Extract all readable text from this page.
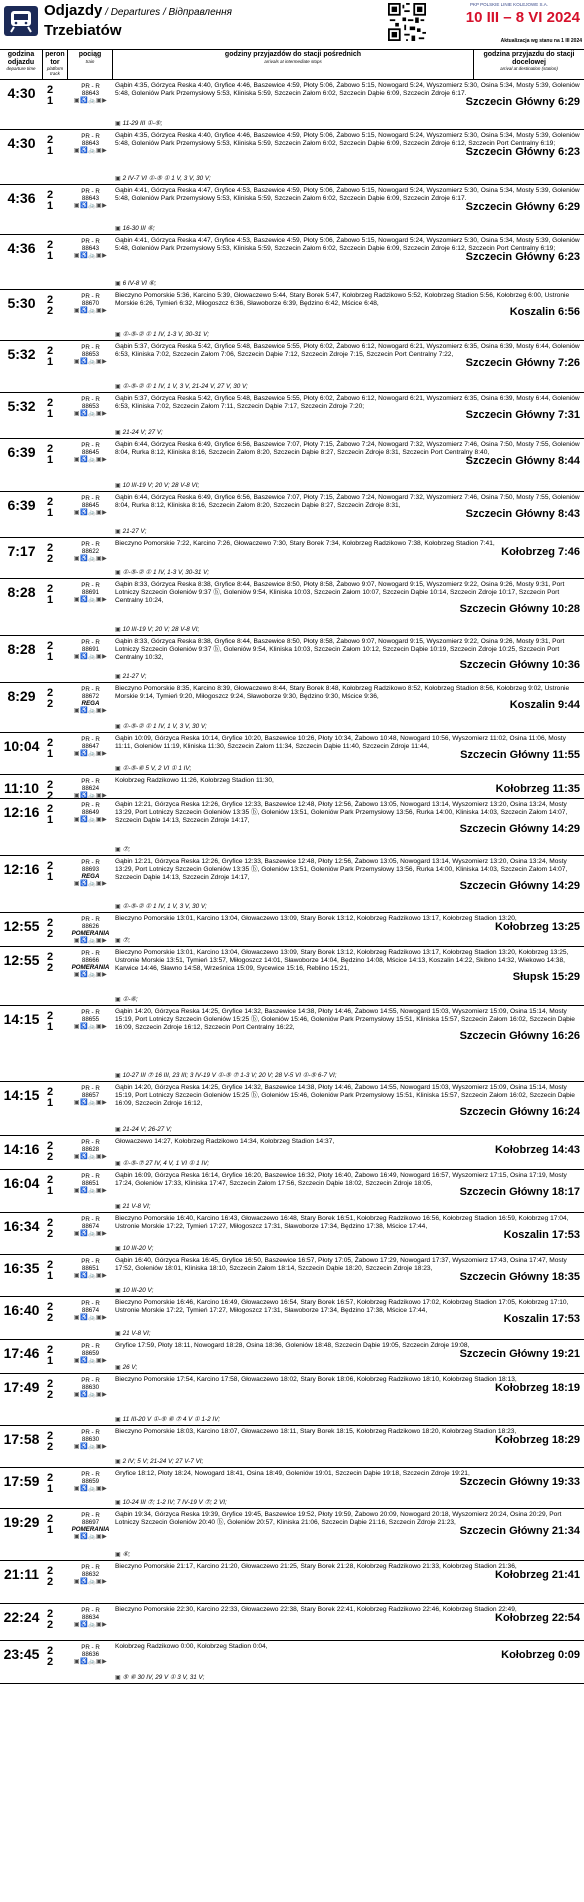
Odjazdy / Departures / Відправлення
Trzebiatów
PKP POLSKIE LINIE KOLEJOWE S.A.
10 III – 8 VI 2024
Aktualizacja wg stanu na 1 III 2024
godzina odjazdu
departure time
peron tor
platform track
pociąg
train
godziny przyjazdów do stacji pośrednich
arrivals at intermediate stops
godzina przyjazdu do stacji docelowej
arrival at destination (station)
4:30	2
1
PR - R
88643
▣♿🚲▣▶
Gąbin 4:35, Górzyca Reska 4:40, Gryfice 4:46, Baszewice 4:59, Płoty 5:06, Żabowo 5:15, Nowogard 5:24, Wyszomierz 5:30, Osina 5:34, Mosty 5:39, Goleniów 5:48, Goleniów Park Przemysłowy 5:53, Kliniska 5:59, Szczecin Załom 6:02, Szczecin Dąbie 6:09, Szczecin Zdroje 6:17.
Szczecin Główny 6:29
▣ 11-29 III ①-⑤;
4:30	2
1
PR - R
88643
▣♿🚲▣▶
Gąbin 4:35, Górzyca Reska 4:40, Gryfice 4:46, Baszewice 4:59, Płoty 5:06, Żabowo 5:15, Nowogard 5:24, Wyszomierz 5:30, Osina 5:34, Mosty 5:39, Goleniów 5:48, Goleniów Park Przemysłowy 5:53, Kliniska 5:59, Szczecin Załom 6:02, Szczecin Dąbie 6:09, Szczecin Zdroje 6:12, Szczecin Port Centralny 6:19;
Szczecin Główny 6:23
▣ 2 IV-7 VI ①-⑤ ① 1 V, 3 V, 30 V;
4:36	2
1
PR - R
88643
▣♿🚲▣▶
Gąbin 4:41, Górzyca Reska 4:47, Gryfice 4:53, Baszewice 4:59, Płoty 5:06, Żabowo 5:15, Nowogard 5:24, Wyszomierz 5:30, Osina 5:34, Mosty 5:39, Goleniów 5:48, Goleniów Park Przemysłowy 5:53, Kliniska 5:59, Szczecin Załom 6:02, Szczecin Dąbie 6:09, Szczecin Zdroje 6:17.
Szczecin Główny 6:29
▣ 16-30 III ⑥;
4:36	2
1
PR - R
88643
▣♿🚲▣▶
Gąbin 4:41, Górzyca Reska 4:47, Gryfice 4:53, Baszewice 4:59, Płoty 5:06, Żabowo 5:15, Nowogard 5:24, Wyszomierz 5:30, Osina 5:34, Mosty 5:39, Goleniów 5:48, Goleniów Park Przemysłowy 5:53, Kliniska 5:59, Szczecin Załom 6:02, Szczecin Dąbie 6:09, Szczecin Zdroje 6:12, Szczecin Port Centralny 6:19;
Szczecin Główny 6:23
▣ 6 IV-8 VI ⑥;
5:30	2
2
PR - R
88670
▣♿🚲▣▶
Bieczyno Pomorskie 5:36, Karcino 5:39, Głowaczewo 5:44, Stary Borek 5:47, Kołobrzeg Radzikowo 5:52, Kołobrzeg Stadion 5:56, Kołobrzeg 6:00, Ustronie Morskie 6:26, Tymień 6:32, Miłogoszcz 6:36, Sławoborze 6:39, Będzino 6:42, Mścice 6:48,
Koszalin 6:56
▣ ①-⑤-② ① 1 IV, 1-3 V, 30-31 V;
5:32	2
1
PR - R
88653
▣♿🚲▣▶
Gąbin 5:37, Górzyca Reska 5:42, Gryfice 5:48, Baszewice 5:55, Płoty 6:02, Żabowo 6:12, Nowogard 6:21, Wyszomierz 6:35, Osina 6:39, Mosty 6:44, Goleniów 6:53, Kliniska 7:02, Szczecin Załom 7:06, Szczecin Dąbie 7:12, Szczecin Zdroje 7:15, Szczecin Port Centralny 7:22,
Szczecin Główny 7:26
▣ ①-⑤-② ① 1 IV, 1 V, 3 V, 21-24 V, 27 V, 30 V;
5:32	2
1
PR - R
88653
▣♿🚲▣▶
Gąbin 5:37, Górzyca Reska 5:42, Gryfice 5:48, Baszewice 5:55, Płoty 6:02, Żabowo 6:12, Nowogard 6:21, Wyszomierz 6:35, Osina 6:39, Mosty 6:44, Goleniów 6:53, Kliniska 7:02, Szczecin Załom 7:11, Szczecin Dąbie 7:17, Szczecin Zdroje 7:20;
Szczecin Główny 7:31
▣ 21-24 V; 27 V;
6:39	2
1
PR - R
88645
▣♿🚲▣▶
Gąbin 6:44, Górzyca Reska 6:49, Gryfice 6:56, Baszewice 7:07, Płoty 7:15, Żabowo 7:24, Nowogard 7:32, Wyszomierz 7:46, Osina 7:50, Mosty 7:55, Goleniów 8:04, Rurka 8:12, Kliniska 8:16, Szczecin Załom 8:20, Szczecin Dąbie 8:27, Szczecin Zdroje 8:31, Szczecin Port Centralny 8:40,
Szczecin Główny 8:44
▣ 10 III-19 V; 20 V; 28 V-8 VI;
6:39	2
1
PR - R
88645
▣♿🚲▣▶
Gąbin 6:44, Górzyca Reska 6:49, Gryfice 6:56, Baszewice 7:07, Płoty 7:15, Żabowo 7:24, Nowogard 7:32, Wyszomierz 7:46, Osina 7:50, Mosty 7:55, Goleniów 8:04, Rurka 8:12, Kliniska 8:16, Szczecin Załom 8:20, Szczecin Dąbie 8:27, Szczecin Zdroje 8:31,
Szczecin Główny 8:43
▣ 21-27 V;
7:17	2
2
PR - R
88622
▣♿🚲▣▶
Bieczyno Pomorskie 7:22, Karcino 7:26, Głowaczewo 7:30, Stary Borek 7:34, Kołobrzeg Radzikowo 7:38, Kołobrzeg Stadion 7:41,
Kołobrzeg 7:46
▣ ①-⑤-② ① 1 IV, 1-3 V, 30-31 V;
8:28	2
1
PR - R
88691
▣♿🚲▣▶
Gąbin 8:33, Górzyca Reska 8:38, Gryfice 8:44, Baszewice 8:50, Płoty 8:58, Żabowo 9:07, Nowogard 9:15, Wyszomierz 9:22, Osina 9:26, Mosty 9:31, Port Lotniczy Szczecin Goleniów 9:37 ⓑ, Goleniów 9:54, Kliniska 10:03, Szczecin Załom 10:07, Szczecin Dąbie 10:14, Szczecin Zdroje 10:17, Szczecin Port Centralny 10:24,
Szczecin Główny 10:28
▣ 10 III-19 V; 20 V; 28 V-8 VI;
8:28	2
1
PR - R
88691
▣♿🚲▣▶
Gąbin 8:33, Górzyca Reska 8:38, Gryfice 8:44, Baszewice 8:50, Płoty 8:58, Żabowo 9:07, Nowogard 9:15, Wyszomierz 9:22, Osina 9:26, Mosty 9:31, Port Lotniczy Szczecin Goleniów 9:37 ⓑ, Goleniów 9:54, Kliniska 10:03, Szczecin Załom 10:12, Szczecin Dąbie 10:19, Szczecin Zdroje 10:25, Szczecin Port Centralny 10:32,
Szczecin Główny 10:36
▣ 21-27 V;
8:29	2
2
PR - R
88672
REGA
▣♿🚲▣▶
Bieczyno Pomorskie 8:35, Karcino 8:39, Głowaczewo 8:44, Stary Borek 8:48, Kołobrzeg Radzikowo 8:52, Kołobrzeg Stadion 8:56, Kołobrzeg 9:02, Ustronie Morskie 9:14, Tymień 9:20, Miłogoszcz 9:24, Sławoborze 9:30, Będzino 9:30, Mścice 9:36,
Koszalin 9:44
▣ ①-⑤-② ① 1 IV, 1 V, 3 V, 30 V;
10:04 2
1
PR - R
88647
▣♿🚲▣▶
Gąbin 10:09, Górzyca Reska 10:14, Gryfice 10:20, Baszewice 10:26, Płoty 10:34, Żabowo 10:48, Nowogard 10:56, Wyszomierz 11:02, Osina 11:06, Mosty 11:11, Goleniów 11:19, Kliniska 11:30, Szczecin Załom 11:34, Szczecin Dąbie 11:40, Szczecin Zdroje 11:44,
Szczecin Główny 11:55
▣ ①-⑤-⑥ 5 V, 2 VI ① 1 IV;
11:10 2
2
PR - R
88624
▣♿🚲▣▶
Kołobrzeg Radzikowo 11:26, Kołobrzeg Stadion 11:30,
Kołobrzeg 11:35
12:16 2
1
PR - R
88649
▣♿🚲▣▶
Gąbin 12:21, Górzyca Reska 12:26, Gryfice 12:33, Baszewice 12:48, Płoty 12:56, Żabowo 13:05, Nowogard 13:14, Wyszomierz 13:20, Osina 13:24, Mosty 13:29, Port Lotniczy Szczecin Goleniów 13:35 ⓑ, Goleniów 13:51, Goleniów Park Przemysłowy 13:56, Rurka 14:00, Kliniska 14:03, Szczecin Załom 14:07, Szczecin Dąbie 14:13, Szczecin Zdroje 14:17,
Szczecin Główny 14:29
▣ ⑦;
12:16 2
1
PR - R
88693
REGA
▣♿🚲▣▶
Gąbin 12:21, Górzyca Reska 12:26, Gryfice 12:33, Baszewice 12:48, Płoty 12:56, Żabowo 13:05, Nowogard 13:14, Wyszomierz 13:20, Osina 13:24, Mosty 13:29, Port Lotniczy Szczecin Goleniów 13:35 ⓑ, Goleniów 13:51, Goleniów Park Przemysłowy 13:56, Rurka 14:00, Kliniska 14:03, Szczecin Załom 14:07, Szczecin Dąbie 14:13, Szczecin Zdroje 14:17,
Szczecin Główny 14:29
▣ ①-⑤-② ① 1 IV, 1 V, 3 V, 30 V;
12:55 2
2
PR - R
88626
POMERANIA
▣♿🚲▣▶
Bieczyno Pomorskie 13:01, Karcino 13:04, Głowaczewo 13:09, Stary Borek 13:12, Kołobrzeg Radzikowo 13:17, Kołobrzeg Stadion 13:20,
Kołobrzeg 13:25
▣ ⑦;
12:55 2
2
PR - R
88666
POMERANIA
▣♿🚲▣▶
Bieczyno Pomorskie 13:01, Karcino 13:04, Głowaczewo 13:09, Stary Borek 13:12, Kołobrzeg Radzikowo 13:17, Kołobrzeg Stadion 13:20, Kołobrzeg 13:25, Ustronie Morskie 13:51, Tymień 13:57, Miłogoszcz 14:01, Sławoborze 14:04, Będzino 14:08, Mścice 14:13, Koszalin 14:22, Skibno 14:32, Wiekowo 14:38, Karwice 14:46, Sławno 14:58, Wrześnica 15:09, Sycewice 15:16, Reblino 15:21,
Słupsk 15:29
▣ ①-⑥;
14:15 2
1
PR - R
88655
▣♿🚲▣▶
Gąbin 14:20, Górzyca Reska 14:25, Gryfice 14:32, Baszewice 14:38, Płoty 14:46, Żabowo 14:55, Nowogard 15:03, Wyszomierz 15:09, Osina 15:14, Mosty 15:19, Port Lotniczy Szczecin Goleniów 15:25 ⓑ, Goleniów 15:46, Goleniów Park Przemysłowy 15:51, Kliniska 15:57, Szczecin Załom 16:02, Szczecin Dąbie 16:09, Szczecin Zdroje 16:12, Szczecin Port Centralny 16:22,
Szczecin Główny 16:26
▣ 10-27 III ⑦ 16 III, 23 III; 3 IV-19 V ①-⑤ ⑦ 1-3 V; 20 V; 28 V-5 VI ①-⑤ 6-7 VI;
14:15 2
1
PR - R
88657
▣♿🚲▣▶
Gąbin 14:20, Górzyca Reska 14:25, Gryfice 14:32, Baszewice 14:38, Płoty 14:46, Żabowo 14:55, Nowogard 15:03, Wyszomierz 15:09, Osina 15:14, Mosty 15:19, Port Lotniczy Szczecin Goleniów 15:25 ⓑ, Goleniów 15:46, Goleniów Park Przemysłowy 15:51, Kliniska 15:57, Szczecin Załom 16:02, Szczecin Dąbie 16:09, Szczecin Zdroje 16:12,
Szczecin Główny 16:24
▣ 21-24 V; 26-27 V;
14:16 2
2
PR - R
88628
▣♿🚲▣▶
Głowaczewo 14:27, Kołobrzeg Radzikowo 14:34, Kołobrzeg Stadion 14:37,
Kołobrzeg 14:43
▣ ①-⑤-⑦ 27 IV, 4 V, 1 VI ① 1 IV;
16:04 2
1
PR - R
88651
▣♿🚲▣▶
Gąbin 16:09, Górzyca Reska 16:14, Gryfice 16:20, Baszewice 16:32, Płoty 16:40, Żabowo 16:49, Nowogard 16:57, Wyszomierz 17:15, Osina 17:19, Mosty 17:24, Goleniów 17:33, Kliniska 17:47, Szczecin Załom 17:56, Szczecin Dąbie 18:02, Szczecin Zdroje 18:05,
Szczecin Główny 18:17
▣ 21 V-8 VI;
16:34 2
2
PR - R
88674
▣♿🚲▣▶
Bieczyno Pomorskie 16:40, Karcino 16:43, Głowaczewo 16:48, Stary Borek 16:51, Kołobrzeg Radzikowo 16:56, Kołobrzeg Stadion 16:59, Kołobrzeg 17:04, Ustronie Morskie 17:22, Tymień 17:27, Miłogoszcz 17:31, Sławoborze 17:34, Będzino 17:38, Mścice 17:44,
Koszalin 17:53
▣ 10 III-20 V;
16:35 2
1
PR - R
88651
▣♿🚲▣▶
Gąbin 16:40, Górzyca Reska 16:45, Gryfice 16:50, Baszewice 16:57, Płoty 17:05, Żabowo 17:29, Nowogard 17:37, Wyszomierz 17:43, Osina 17:47, Mosty 17:52, Goleniów 18:01, Kliniska 18:10, Szczecin Załom 18:14, Szczecin Dąbie 18:20, Szczecin Zdroje 18:23,
Szczecin Główny 18:35
▣ 10 III-20 V;
16:40 2
2
PR - R
88674
▣♿🚲▣▶
Bieczyno Pomorskie 16:46, Karcino 16:49, Głowaczewo 16:54, Stary Borek 16:57, Kołobrzeg Radzikowo 17:02, Kołobrzeg Stadion 17:05, Kołobrzeg 17:10, Ustronie Morskie 17:22, Tymień 17:27, Miłogoszcz 17:31, Sławoborze 17:34, Będzino 17:38, Mścice 17:44,
Koszalin 17:53
▣ 21 V-8 VI;
17:46 2
1
PR - R
88659
▣♿🚲▣▶
Gryfice 17:59, Płoty 18:11, Nowogard 18:28, Osina 18:36, Goleniów 18:48, Szczecin Dąbie 19:05, Szczecin Zdroje 19:08,
Szczecin Główny 19:21
▣ 26 V;
17:49 2
2
PR - R
88630
▣♿🚲▣▶
Bieczyno Pomorskie 17:54, Karcino 17:58, Głowaczewo 18:02, Stary Borek 18:06, Kołobrzeg Radzikowo 18:10, Kołobrzeg Stadion 18:13,
Kołobrzeg 18:19
▣ 11 III-20 V ①-⑤ ⑥ ⑦ 4 V ① 1-2 IV;
17:58 2
2
PR - R
88630
▣♿🚲▣▶
Bieczyno Pomorskie 18:03, Karcino 18:07, Głowaczewo 18:11, Stary Borek 18:15, Kołobrzeg Radzikowo 18:20, Kołobrzeg Stadion 18:23,
Kołobrzeg 18:29
▣ 2 IV; 5 V; 21-24 V; 27 V-7 VI;
17:59 2
1
PR - R
88659
▣♿🚲▣▶
Gryfice 18:12, Płoty 18:24, Nowogard 18:41, Osina 18:49, Goleniów 19:01, Szczecin Dąbie 19:18, Szczecin Zdroje 19:21,
Szczecin Główny 19:33
▣ 10-24 III ⑦; 1-2 IV; 7 IV-19 V ⑦; 2 VI;
19:29 2
1
PR - R
88697
POMERANIA
▣♿🚲▣▶
Gąbin 19:34, Górzyca Reska 19:39, Gryfice 19:45, Baszewice 19:52, Płoty 19:59, Żabowo 20:09, Nowogard 20:18, Wyszomierz 20:24, Osina 20:29, Port Lotniczy Szczecin Goleniów 20:40 ⓑ, Goleniów 20:57, Kliniska 21:06, Szczecin Dąbie 21:16, Szczecin Zdroje 21:23,
Szczecin Główny 21:34
▣ ⑥;
21:11 2
2
PR - R
88632
▣♿🚲▣▶
Bieczyno Pomorskie 21:17, Karcino 21:20, Głowaczewo 21:25, Stary Borek 21:28, Kołobrzeg Radzikowo 21:33, Kołobrzeg Stadion 21:36,
Kołobrzeg 21:41
22:24 2
2
PR - R
88634
▣♿🚲▣▶
Bieczyno Pomorskie 22:30, Karcino 22:33, Głowaczewo 22:38, Stary Borek 22:41, Kołobrzeg Radzikowo 22:46, Kołobrzeg Stadion 22:49,
Kołobrzeg 22:54
23:45 2
2
PR - R
88636
▣♿🚲▣▶
Kołobrzeg Radzikowo 0:00, Kołobrzeg Stadion 0:04,
Kołobrzeg 0:09
▣ ⑤ ⑥ 30 IV, 29 V ① 3 V, 31 V;
